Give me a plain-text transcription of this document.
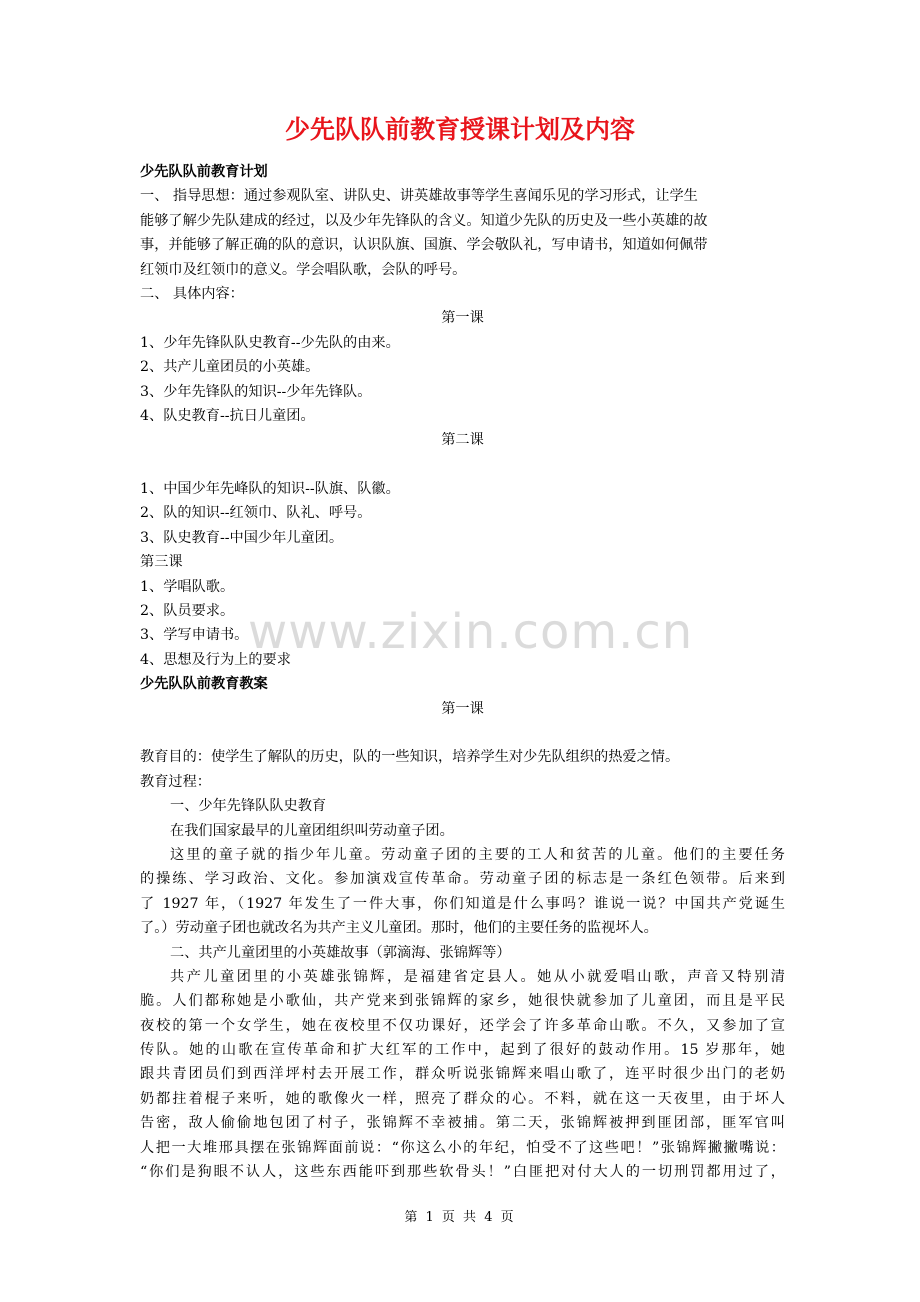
少先队队前教育授课计划及内容
少先队队前教育计划
一、 指导思想：通过参观队室、讲队史、讲英雄故事等学生喜闻乐见的学习形式，让学生
能够了解少先队建成的经过，以及少年先锋队的含义。知道少先队的历史及一些小英雄的故
事，并能够了解正确的队的意识，认识队旗、国旗、学会敬队礼，写申请书，知道如何佩带
红领巾及红领巾的意义。学会唱队歌，会队的呼号。
二、 具体内容：
第一课
1、少年先锋队队史教育--少先队的由来。
2、共产儿童团员的小英雄。
3、少年先锋队的知识--少年先锋队。
4、队史教育--抗日儿童团。
第二课
1、中国少年先峰队的知识--队旗、队徽。
2、队的知识--红领巾、队礼、呼号。
3、队史教育--中国少年儿童团。
第三课
1、学唱队歌。
2、队员要求。
3、学写申请书。
4、思想及行为上的要求
少先队队前教育教案
第一课
教育目的：使学生了解队的历史，队的一些知识，培养学生对少先队组织的热爱之情。
教育过程：
一、少年先锋队队史教育
在我们国家最早的儿童团组织叫劳动童子团。
这里的童子就的指少年儿童。劳动童子团的主要的工人和贫苦的儿童。他们的主要任务
的操练、学习政治、文化。参加演戏宣传革命。劳动童子团的标志是一条红色领带。后来到
了 1927 年，（1927 年发生了一件大事，你们知道是什么事吗？谁说一说？中国共产党诞生
了。）劳动童子团也就改名为共产主义儿童团。那时，他们的主要任务的监视坏人。
二、共产儿童团里的小英雄故事（郭滴海、张锦辉等）
共产儿童团里的小英雄张锦辉，是福建省定县人。她从小就爱唱山歌，声音又特别清
脆。人们都称她是小歌仙，共产党来到张锦辉的家乡，她很快就参加了儿童团，而且是平民
夜校的第一个女学生，她在夜校里不仅功课好，还学会了许多革命山歌。不久，又参加了宣
传队。她的山歌在宣传革命和扩大红军的工作中，起到了很好的鼓动作用。15 岁那年，她
跟共青团员们到西洋坪村去开展工作，群众听说张锦辉来唱山歌了，连平时很少出门的老奶
奶都拄着棍子来听，她的歌像火一样，照亮了群众的心。不料，就在这一天夜里，由于坏人
告密，敌人偷偷地包团了村子，张锦辉不幸被捕。第二天，张锦辉被押到匪团部，匪军官叫
人把一大堆邢具摆在张锦辉面前说：“你这么小的年纪，怕受不了这些吧！”张锦辉撇撇嘴说：
“你们是狗眼不认人，这些东西能吓到那些软骨头！”白匪把对付大人的一切刑罚都用过了，
www.zixin.com.cn
第 1 页 共 4 页
